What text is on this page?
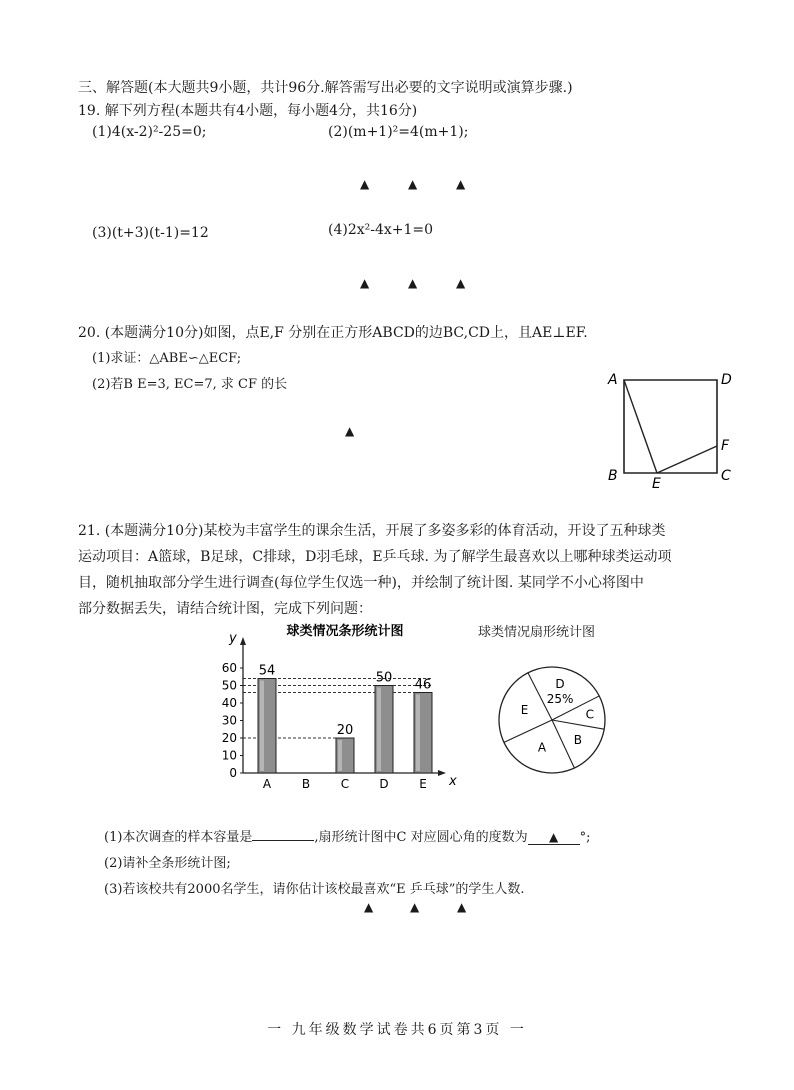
三、解答题(本大题共9小题，共计96分.解答需写出必要的文字说明或演算步骤.)
19. 解下列方程(本题共有4小题，每小题4分，共16分)
(1)4(x-2)²-25=0;	(2)(m+1)²=4(m+1);
▲	▲	▲
(3)(t+3)(t-1)=12	(4)2x²-4x+1=0
▲	▲	▲
20. (本题满分10分)如图，点E,F 分别在正方形ABCD的边BC,CD上，且AE⊥EF.
(1)求证：△ABE∽△ECF;
(2)若B E=3, EC=7, 求 CF 的长
▲
A	D
B E	C
F
21. (本题满分10分)某校为丰富学生的课余生活，开展了多姿多彩的体育活动，开设了五种球类
运动项目：A篮球，B足球，C排球，D羽毛球，E乒乓球. 为了解学生最喜欢以上哪种球类运动项
目，随机抽取部分学生进行调查(每位学生仅选一种)，并绘制了统计图. 某同学不小心将图中
部分数据丢失，请结合统计图，完成下列问题：
球类情况条形统计图
y
x
0
10
20
30
40
50
60 54
A	B
20
C
50
D
46
E
球类情况扇形统计图
D
25%
C
B
A
E
(1)本次调查的样本容量是	,扇形统计图中C 对应圆心角的度数为 ▲ °;
(2)请补全条形统计图;
(3)若该校共有2000名学生，请你估计该校最喜欢“E 乒乓球”的学生人数.
▲	▲	▲
一 九年级数学试卷共6页第3页 一
